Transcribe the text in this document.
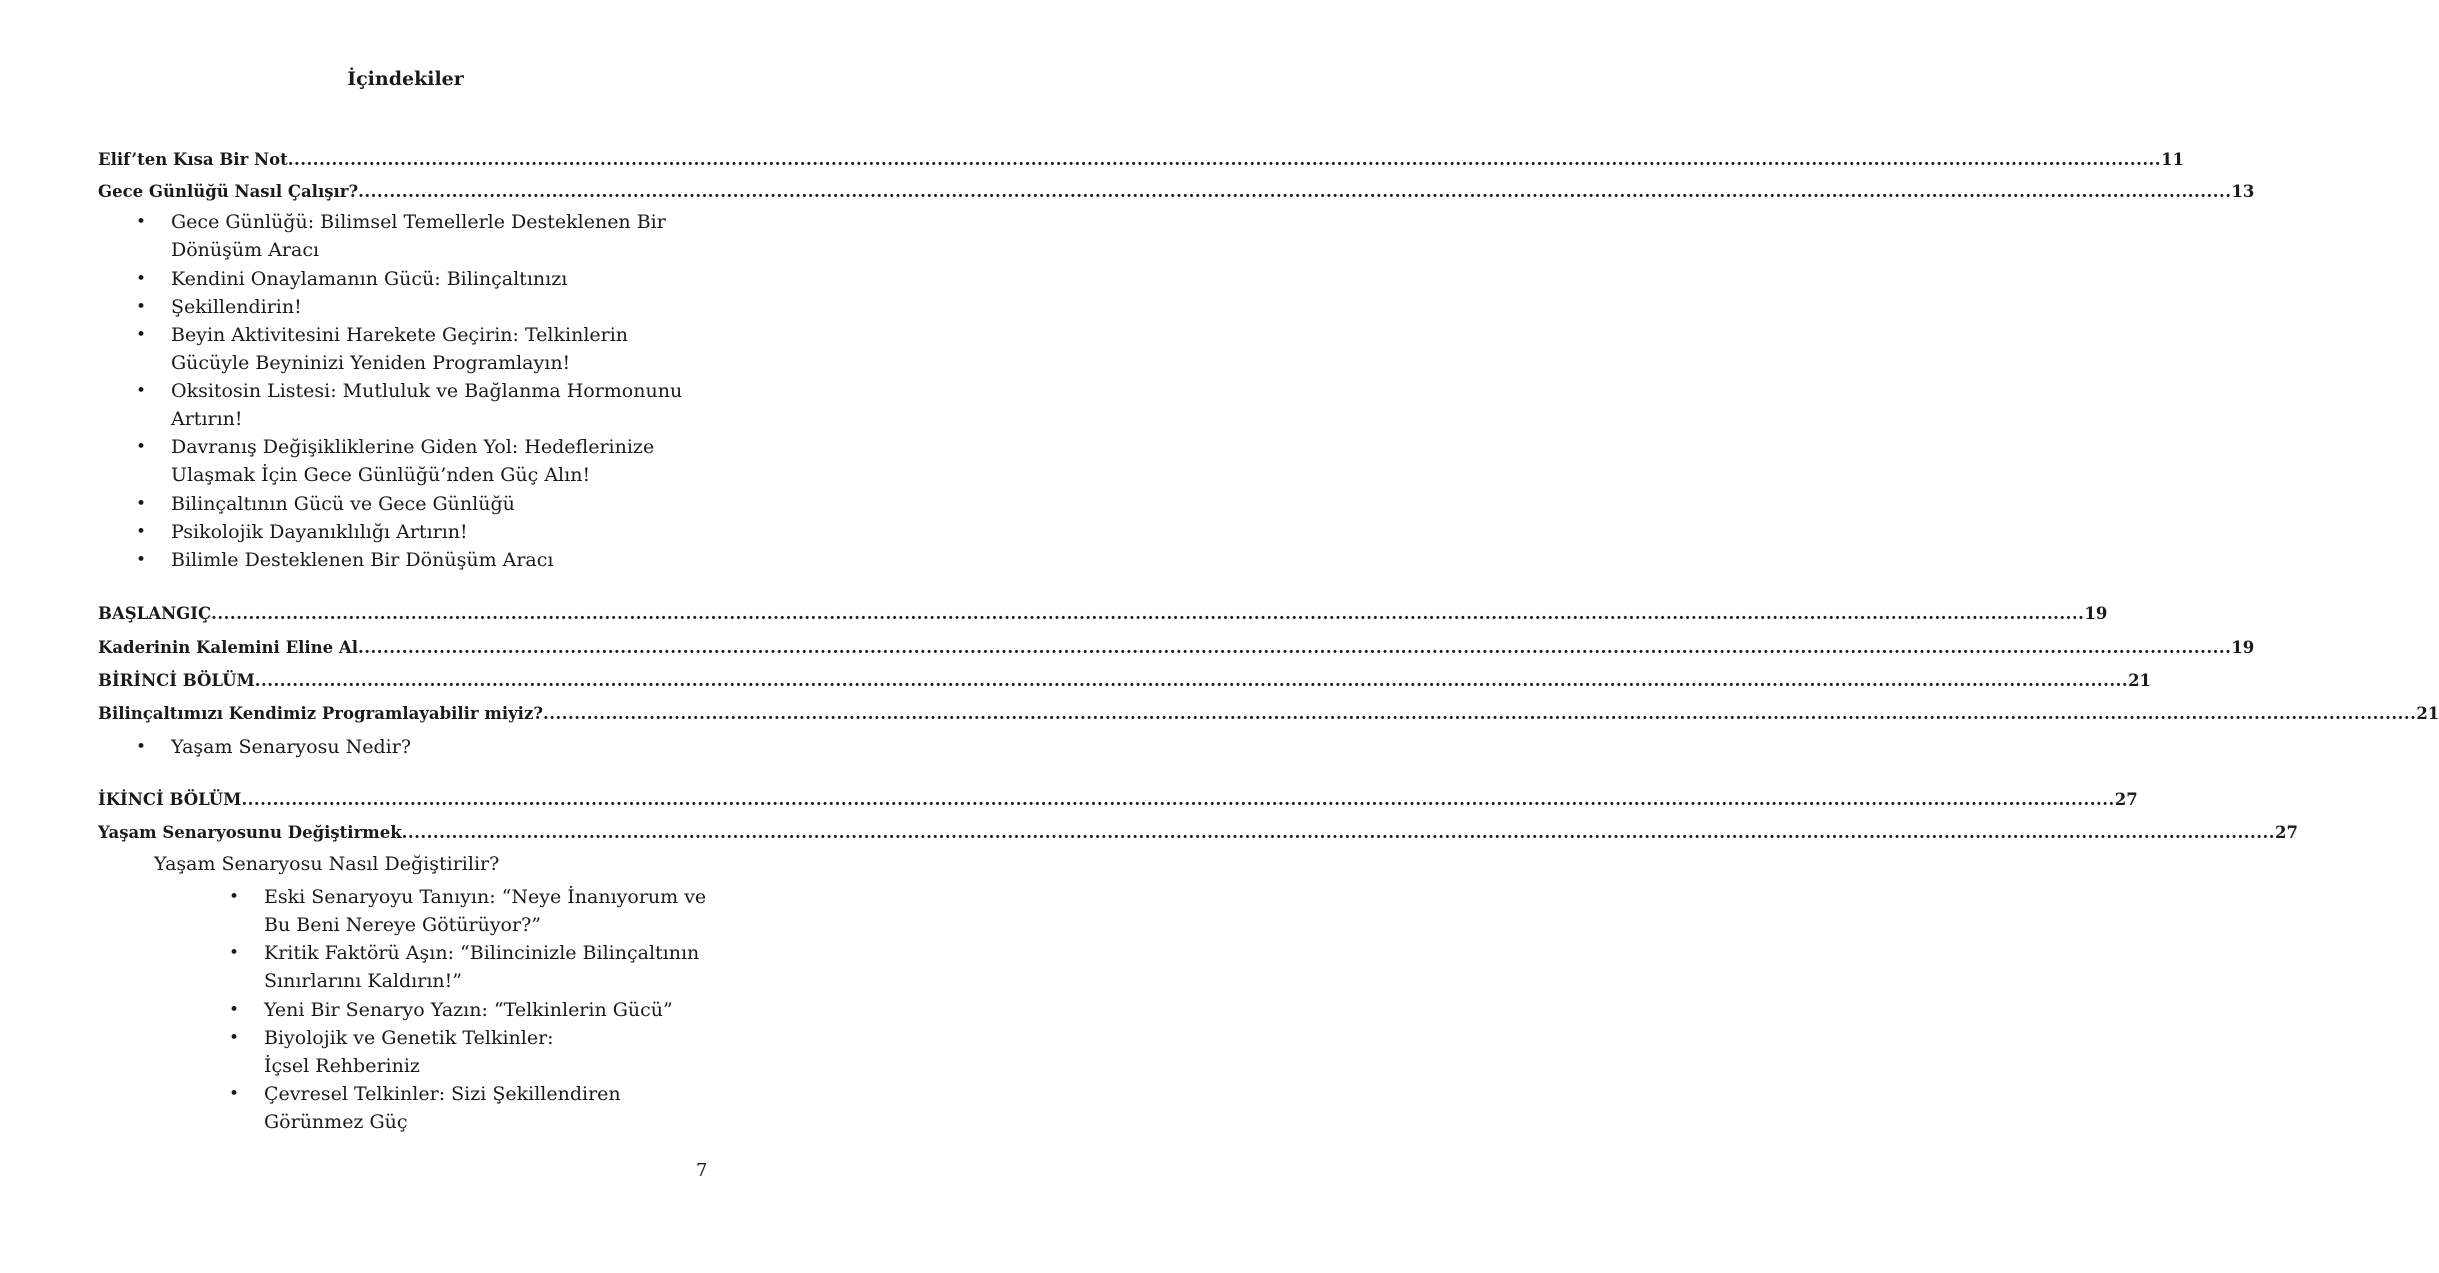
İçindekiler
Elif’ten Kısa Bir Not ............................................................................................................................................................................................................................................................................................................ 11
Gece Günlüğü Nasıl Çalışır? ............................................................................................................................................................................................................................................................................................................ 13
• Gece Günlüğü: Bilimsel Temellerle Desteklenen Bir
Dönüşüm Aracı
• Kendini Onaylamanın Gücü: Bilinçaltınızı
• Şekillendirin!
• Beyin Aktivitesini Harekete Geçirin: Telkinlerin
Gücüyle Beyninizi Yeniden Programlayın!
• Oksitosin Listesi: Mutluluk ve Bağlanma Hormonunu
Artırın!
• Davranış Değişikliklerine Giden Yol: Hedeflerinize
Ulaşmak İçin Gece Günlüğü’nden Güç Alın!
• Bilinçaltının Gücü ve Gece Günlüğü
• Psikolojik Dayanıklılığı Artırın!
• Bilimle Desteklenen Bir Dönüşüm Aracı
BAŞLANGIÇ ............................................................................................................................................................................................................................................................................................................ 19
Kaderinin Kalemini Eline Al ............................................................................................................................................................................................................................................................................................................ 19
BİRİNCİ BÖLÜM ............................................................................................................................................................................................................................................................................................................ 21
Bilinçaltımızı Kendimiz Programlayabilir miyiz? ............................................................................................................................................................................................................................................................................................................ 21
• Yaşam Senaryosu Nedir?
İKİNCİ BÖLÜM ............................................................................................................................................................................................................................................................................................................ 27
Yaşam Senaryosunu Değiştirmek ............................................................................................................................................................................................................................................................................................................ 27
Yaşam Senaryosu Nasıl Değiştirilir?
• Eski Senaryoyu Tanıyın: “Neye İnanıyorum ve
Bu Beni Nereye Götürüyor?”
• Kritik Faktörü Aşın: “Bilincinizle Bilinçaltının
Sınırlarını Kaldırın!”
• Yeni Bir Senaryo Yazın: “Telkinlerin Gücü”
• Biyolojik ve Genetik Telkinler:
İçsel Rehberiniz
• Çevresel Telkinler: Sizi Şekillendiren
Görünmez Güç
7
